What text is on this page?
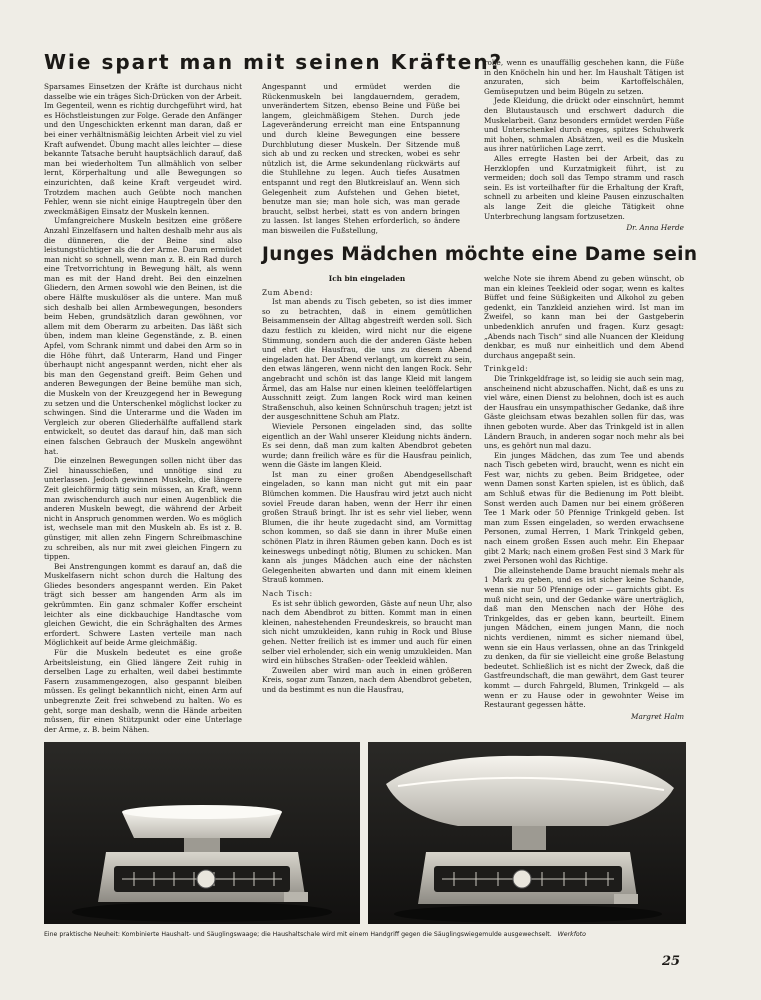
Wie spart man mit seinen Kräften?

Sparsames Einsetzen der Kräfte ist durchaus nicht dasselbe wie ein träges Sich-Drücken von der Arbeit. Im Gegenteil, wenn es richtig durchgeführt wird, hat es Höchstleistungen zur Folge. Gerade den Anfänger und den Ungeschickten erkennt man daran, daß er bei einer verhältnismäßig leichten Arbeit viel zu viel Kraft aufwendet. Übung macht alles leichter — diese bekannte Tatsache beruht hauptsächlich darauf, daß man bei wiederholtem Tun allmählich von selber lernt, Körperhaltung und alle Bewegungen so einzurichten, daß keine Kraft vergeudet wird. Trotzdem machen auch Geübte noch manchen Fehler, wenn sie nicht einige Hauptregeln über den zweckmäßigen Einsatz der Muskeln kennen.

Umfangreichere Muskeln besitzen eine größere Anzahl Einzelfasern und halten deshalb mehr aus als die dünneren, die der Beine sind also leistungstüchtiger als die der Arme. Darum ermüdet man nicht so schnell, wenn man z. B. ein Rad durch eine Tretvorrichtung in Bewegung hält, als wenn man es mit der Hand dreht. Bei den einzelnen Gliedern, den Armen sowohl wie den Beinen, ist die obere Hälfte muskulöser als die untere. Man muß sich deshalb bei allen Armbewegungen, besonders beim Heben, grundsätzlich daran gewöhnen, vor allem mit dem Oberarm zu arbeiten. Das läßt sich üben, indem man kleine Gegenstände, z. B. einen Apfel, vom Schrank nimmt und dabei den Arm so in die Höhe führt, daß Unterarm, Hand und Finger überhaupt nicht angespannt werden, nicht eher als bis man den Gegenstand greift. Beim Gehen und anderen Bewegungen der Beine bemühe man sich, die Muskeln von der Kreuzgegend her in Bewegung zu setzen und die Unterschenkel möglichst locker zu schwingen. Sind die Unterarme und die Waden im Vergleich zur oberen Gliederhälfte auffallend stark entwickelt, so deutet das darauf hin, daß man sich einen falschen Gebrauch der Muskeln angewöhnt hat.

Die einzelnen Bewegungen sollen nicht über das Ziel hinausschießen, und unnötige sind zu unterlassen. Jedoch gewinnen Muskeln, die längere Zeit gleichförmig tätig sein müssen, an Kraft, wenn man zwischendurch auch nur einen Augenblick die anderen Muskeln bewegt, die während der Arbeit nicht in Anspruch genommen werden. Wo es möglich ist, wechsele man mit den Muskeln ab. Es ist z. B. günstiger, mit allen zehn Fingern Schreibmaschine zu schreiben, als nur mit zwei gleichen Fingern zu tippen.

Bei Anstrengungen kommt es darauf an, daß die Muskelfasern nicht schon durch die Haltung des Gliedes besonders angespannt werden. Ein Paket trägt sich besser am hangenden Arm als im gekrümmten. Ein ganz schmaler Koffer erscheint leichter als eine dickbauchige Handtasche vom gleichen Gewicht, die ein Schräghalten des Armes erfordert. Schwere Lasten verteile man nach Möglichkeit auf beide Arme gleichmäßig.

Für die Muskeln bedeutet es eine große Arbeitsleistung, ein Glied längere Zeit ruhig in derselben Lage zu erhalten, weil dabei bestimmte Fasern zusammengezogen, also gespannt bleiben müssen. Es gelingt bekanntlich nicht, einen Arm auf unbegrenzte Zeit frei schwebend zu halten. Wo es geht, sorge man deshalb, wenn die Hände arbeiten müssen, für einen Stützpunkt oder eine Unterlage der Arme, z. B. beim Nähen.

Angespannt und ermüdet werden die Rückenmuskeln bei langdauerndem, geradem, unverändertem Sitzen, ebenso Beine und Füße bei langem, gleichmäßigem Stehen. Durch jede Lageveränderung erreicht man eine Entspannung und durch kleine Bewegungen eine bessere Durchblutung dieser Muskeln. Der Sitzende muß sich ab und zu recken und strecken, wobei es sehr nützlich ist, die Arme sekundenlang rückwärts auf die Stuhllehne zu legen. Auch tiefes Ausatmen entspannt und regt den Blutkreislauf an. Wenn sich Gelegenheit zum Aufstehen und Gehen bietet, benutze man sie; man hole sich, was man gerade braucht, selbst herbei, statt es von andern bringen zu lassen. Ist langes Stehen erforderlich, so ändere man bisweilen die Fußstellung,

rolle, wenn es unauffällig geschehen kann, die Füße in den Knöcheln hin und her. Im Haushalt Tätigen ist anzuraten, sich beim Kartoffelschälen, Gemüseputzen und beim Bügeln zu setzen.

Jede Kleidung, die drückt oder einschnürt, hemmt den Blutaustausch und erschwert dadurch die Muskelarbeit. Ganz besonders ermüdet werden Füße und Unterschenkel durch enges, spitzes Schuhwerk mit hohen, schmalen Absätzen, weil es die Muskeln aus ihrer natürlichen Lage zerrt.

Alles erregte Hasten bei der Arbeit, das zu Herzklopfen und Kurzatmigkeit führt, ist zu vermeiden; doch soll das Tempo stramm und rasch sein. Es ist vorteilhafter für die Erhaltung der Kraft, schnell zu arbeiten und kleine Pausen einzuschalten als lange Zeit die gleiche Tätigkeit ohne Unterbrechung langsam fortzusetzen.

Dr. Anna Herde
Junges Mädchen möchte eine Dame sein

Ich bin eingeladen

Zum Abend:

Ist man abends zu Tisch gebeten, so ist dies immer so zu betrachten, daß in einem gemütlichen Beisammensein der Alltag abgestreift werden soll. Sich dazu festlich zu kleiden, wird nicht nur die eigene Stimmung, sondern auch die der anderen Gäste heben und ehrt die Hausfrau, die uns zu diesem Abend eingeladen hat. Der Abend verlangt, um korrekt zu sein, den etwas längeren, wenn nicht den langen Rock. Sehr angebracht und schön ist das lange Kleid mit langem Ärmel, das am Halse nur einen kleinen teelöffelartigen Ausschnitt zeigt. Zum langen Rock wird man keinen Straßenschuh, also keinen Schnürschuh tragen; jetzt ist der ausgeschnittene Schuh am Platz.

Wieviele Personen eingeladen sind, das sollte eigentlich an der Wahl unserer Kleidung nichts ändern. Es sei denn, daß man zum kalten Abendbrot gebeten wurde; dann freilich wäre es für die Hausfrau peinlich, wenn die Gäste im langen Kleid.

Ist man zu einer großen Abendgesellschaft eingeladen, so kann man nicht gut mit ein paar Blümchen kommen. Die Hausfrau wird jetzt auch nicht soviel Freude daran haben, wenn der Herr ihr einen großen Strauß bringt. Ihr ist es sehr viel lieber, wenn Blumen, die ihr heute zugedacht sind, am Vormittag schon kommen, so daß sie dann in ihrer Muße einen schönen Platz in ihren Räumen geben kann. Doch es ist keineswegs unbedingt nötig, Blumen zu schicken. Man kann als junges Mädchen auch eine der nächsten Gelegenheiten abwarten und dann mit einem kleinen Strauß kommen.

Nach Tisch:

Es ist sehr üblich geworden, Gäste auf neun Uhr, also nach dem Abendbrot zu bitten. Kommt man in einen kleinen, nahestehenden Freundeskreis, so braucht man sich nicht umzukleiden, kann ruhig in Rock und Bluse gehen. Netter freilich ist es immer und auch für einen selber viel erholender, sich ein wenig umzukleiden. Man wird ein hübsches Straßen- oder Teekleid wählen.

Zuweilen aber wird man auch in einen größeren Kreis, sogar zum Tanzen, nach dem Abendbrot gebeten, und da bestimmt es nun die Hausfrau,

welche Note sie ihrem Abend zu geben wünscht, ob man ein kleines Teekleid oder sogar, wenn es kaltes Büffet und feine Süßigkeiten und Alkohol zu geben gedenkt, ein Tanzkleid anziehen wird. Ist man im Zweifel, so kann man bei der Gastgeberin unbedenklich anrufen und fragen. Kurz gesagt: „Abends nach Tisch“ sind alle Nuancen der Kleidung denkbar, es muß nur einheitlich und dem Abend durchaus angepaßt sein.

Trinkgeld:

Die Trinkgeldfrage ist, so leidig sie auch sein mag, anscheinend nicht abzuschaffen. Nicht, daß es uns zu viel wäre, einen Dienst zu belohnen, doch ist es auch der Hausfrau ein unsympathischer Gedanke, daß ihre Gäste gleichsam etwas bezahlen sollen für das, was ihnen geboten wurde. Aber das Trinkgeld ist in allen Ländern Brauch, in anderen sogar noch mehr als bei uns, es gehört nun mal dazu.

Ein junges Mädchen, das zum Tee und abends nach Tisch gebeten wird, braucht, wenn es nicht ein Fest war, nichts zu geben. Beim Bridgetee, oder wenn Damen sonst Karten spielen, ist es üblich, daß am Schluß etwas für die Bedienung im Pott bleibt. Sonst werden auch Damen nur bei einem größeren Tee 1 Mark oder 50 Pfennige Trinkgeld geben. Ist man zum Essen eingeladen, so werden erwachsene Personen, zumal Herren, 1 Mark Trinkgeld geben, nach einem großen Essen auch mehr. Ein Ehepaar gibt 2 Mark; nach einem großen Fest sind 3 Mark für zwei Personen wohl das Richtige.

Die alleinstehende Dame braucht niemals mehr als 1 Mark zu geben, und es ist sicher keine Schande, wenn sie nur 50 Pfennige oder — garnichts gibt. Es muß nicht sein, und der Gedanke wäre unerträglich, daß man den Menschen nach der Höhe des Trinkgeldes, das er geben kann, beurteilt. Einem jungen Mädchen, einem jungen Mann, die noch nichts verdienen, nimmt es sicher niemand übel, wenn sie ein Haus verlassen, ohne an das Trinkgeld zu denken, da für sie vielleicht eine große Belastung bedeutet. Schließlich ist es nicht der Zweck, daß die Gastfreundschaft, die man gewährt, dem Gast teurer kommt — durch Fahrgeld, Blumen, Trinkgeld — als wenn er zu Hause oder in gewohnter Weise im Restaurant gegessen hätte.

Margret Halm
Eine praktische Neuheit: Kombinierte Haushalt- und Säuglingswaage; die Haushaltschale wird mit einem Handgriff gegen die Säuglingswiegemulde ausgewechselt. Werkfoto
25
